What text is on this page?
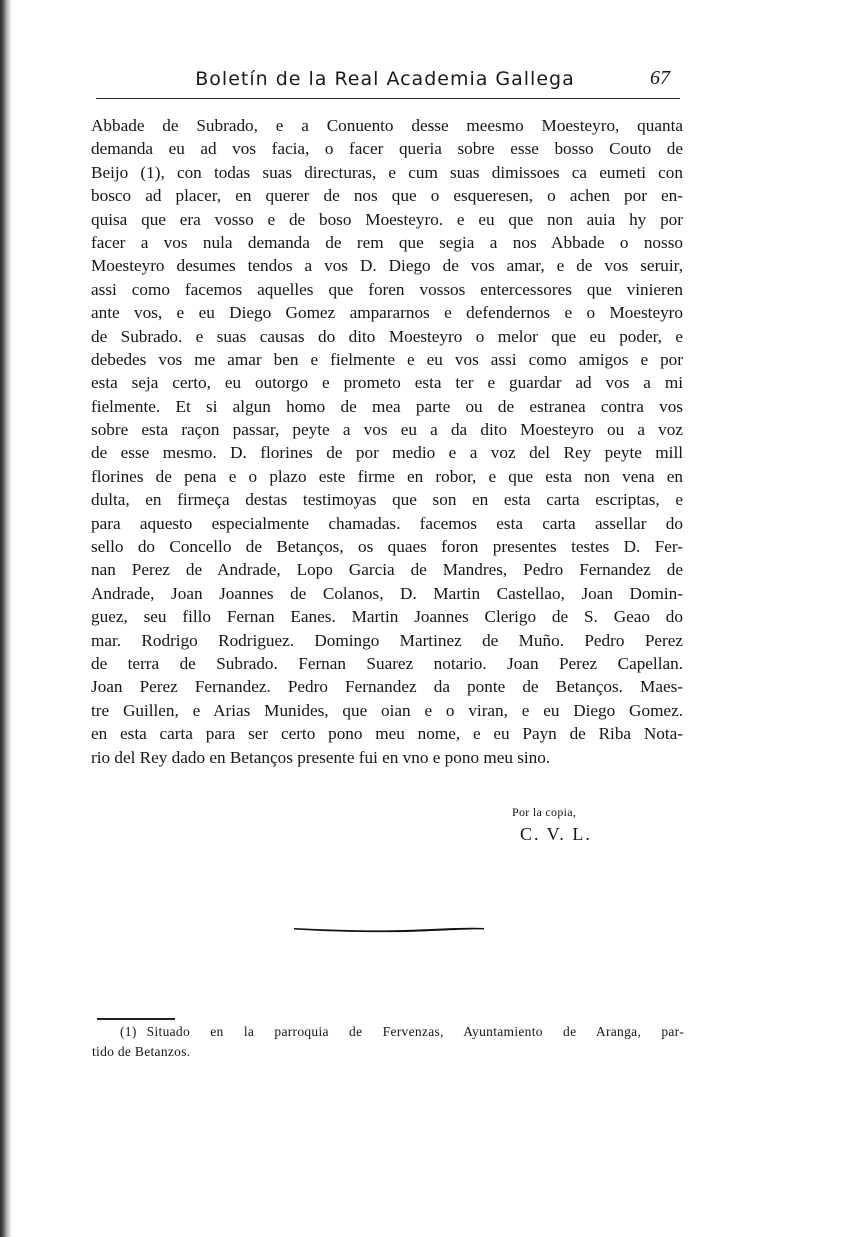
Boletín de la Real Academia Gallega	67
Abbade de Subrado, e a Conuento desse meesmo Moesteyro, quanta
demanda eu ad vos facia, o facer queria sobre esse bosso Couto de
Beijo (1), con todas suas directuras, e cum suas dimissoes ca eumeti con
bosco ad placer, en querer de nos que o esqueresen, o achen por en-
quisa que era vosso e de boso Moesteyro. e eu que non auia hy por
facer a vos nula demanda de rem que segia a nos Abbade o nosso
Moesteyro desumes tendos a vos D. Diego de vos amar, e de vos seruir,
assi como facemos aquelles que foren vossos entercessores que vinieren
ante vos, e eu Diego Gomez ampararnos e defendernos e o Moesteyro
de Subrado. e suas causas do dito Moesteyro o melor que eu poder, e
debedes vos me amar ben e fielmente e eu vos assi como amigos e por
esta seja certo, eu outorgo e prometo esta ter e guardar ad vos a mi
fielmente. Et si algun homo de mea parte ou de estranea contra vos
sobre esta raçon passar, peyte a vos eu a da dito Moesteyro ou a voz
de esse mesmo. D. florines de por medio e a voz del Rey peyte mill
florines de pena e o plazo este firme en robor, e que esta non vena en
dulta, en firmeça destas testimoyas que son en esta carta escriptas, e
para aquesto especialmente chamadas. facemos esta carta assellar do
sello do Concello de Betanços, os quaes foron presentes testes D. Fer-
nan Perez de Andrade, Lopo Garcia de Mandres, Pedro Fernandez de
Andrade, Joan Joannes de Colanos, D. Martin Castellao, Joan Domin-
guez, seu fillo Fernan Eanes. Martin Joannes Clerigo de S. Geao do
mar. Rodrigo Rodriguez. Domingo Martinez de Muño. Pedro Perez
de terra de Subrado. Fernan Suarez notario. Joan Perez Capellan.
Joan Perez Fernandez. Pedro Fernandez da ponte de Betanços. Maes-
tre Guillen, e Arias Munides, que oian e o viran, e eu Diego Gomez.
en esta carta para ser certo pono meu nome, e eu Payn de Riba Nota-
rio del Rey dado en Betanços presente fui en vno e pono meu sino.
Por la copia,
C. V. L.
(1) Situado en la parroquia de Fervenzas, Ayuntamiento de Aranga, par-
tido de Betanzos.
